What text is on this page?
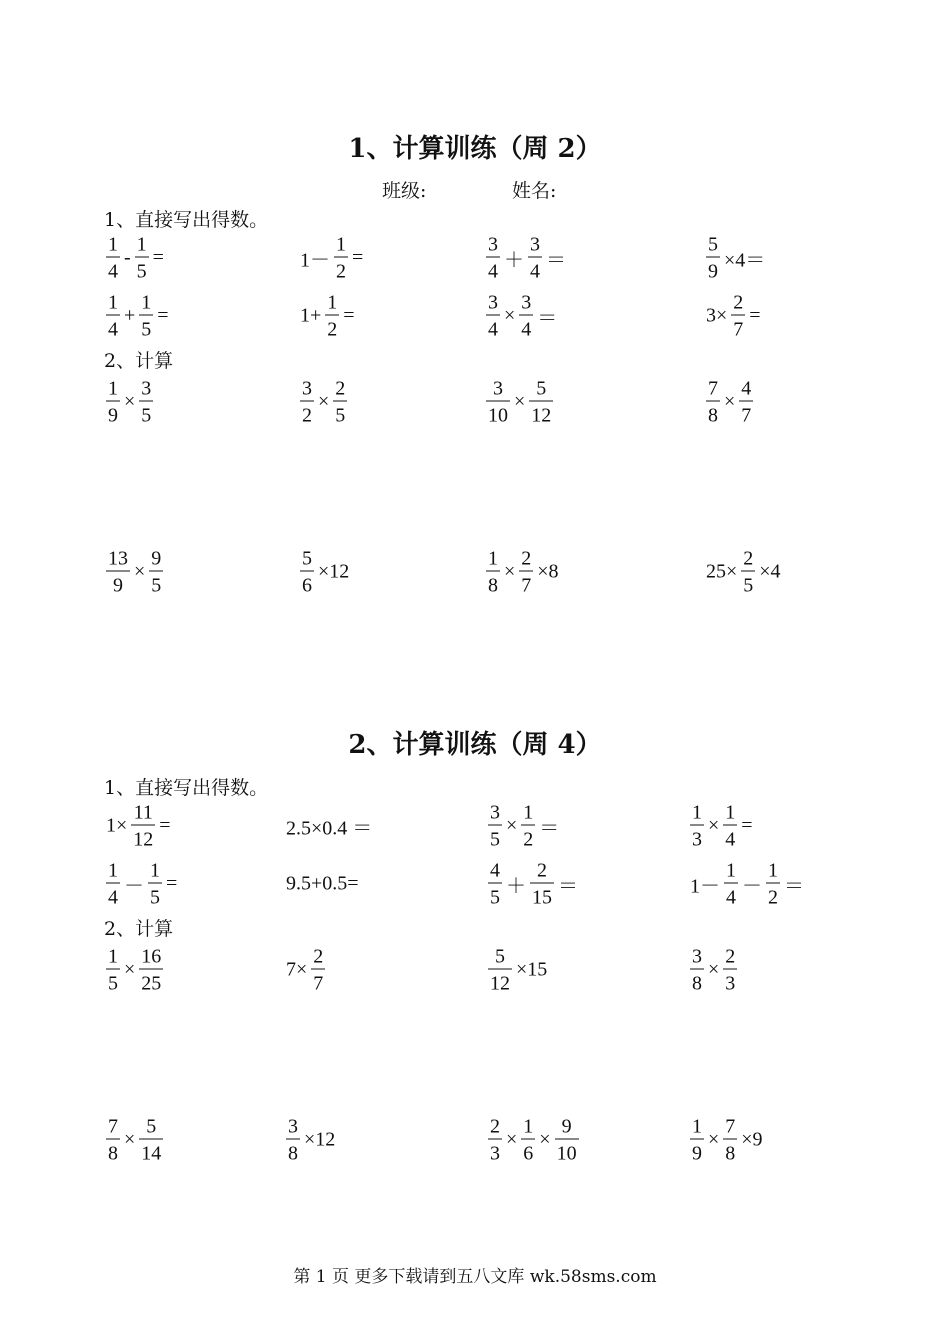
1、计算训练（周 2）
班级:	姓名:
1、直接写出得数。
2、计算
$\frac{1}{4} - \frac{1}{5}$ =	$1- \frac{1}{2}$ =	$\frac{3}{4} + \frac{3}{4}$ ＝	$\frac{5}{9} \times 4=$
$\frac{1}{4} + \frac{1}{5}$ =	$1+ \frac{1}{2}$ =	$\frac{3}{4} \times \frac{3}{4}$ ＝	$3\times \frac{2}{7}$ =
$\frac{1}{9} \times \frac{3}{5}$	$\frac{3}{2} \times \frac{2}{5}$	$\frac{3}{10} \times \frac{5}{12}$	$\frac{7}{8} \times \frac{4}{7}$
$\frac{13}{9} \times \frac{9}{5}$	$\frac{5}{6} \times 12$	$\frac{1}{8} \times \frac{2}{7} \times 8$	$25\times \frac{2}{5} \times 4$
2、计算训练（周 4）
1、直接写出得数。
2、计算
$1\times \frac{11}{12}$ =	2.5×0.4 ＝	$\frac{3}{5} \times \frac{1}{2}$ ＝	$\frac{1}{3} \times \frac{1}{4}$ =
$\frac{1}{4} - \frac{1}{5}$ =	9.5+0.5=	$\frac{4}{5} + \frac{2}{15}$ ＝	$1- \frac{1}{4} - \frac{1}{2}$ ＝
$\frac{1}{5} \times \frac{16}{25}$	$7\times \frac{2}{7}$	$\frac{5}{12} \times 15$	$\frac{3}{8} \times \frac{2}{3}$
$\frac{7}{8} \times \frac{5}{14}$	$\frac{3}{8} \times 12$	$\frac{2}{3} \times \frac{1}{6} \times \frac{9}{10}$	$\frac{1}{9} \times \frac{7}{8} \times 9$
第 1 页 更多下载请到五八文库 wk.58sms.com
